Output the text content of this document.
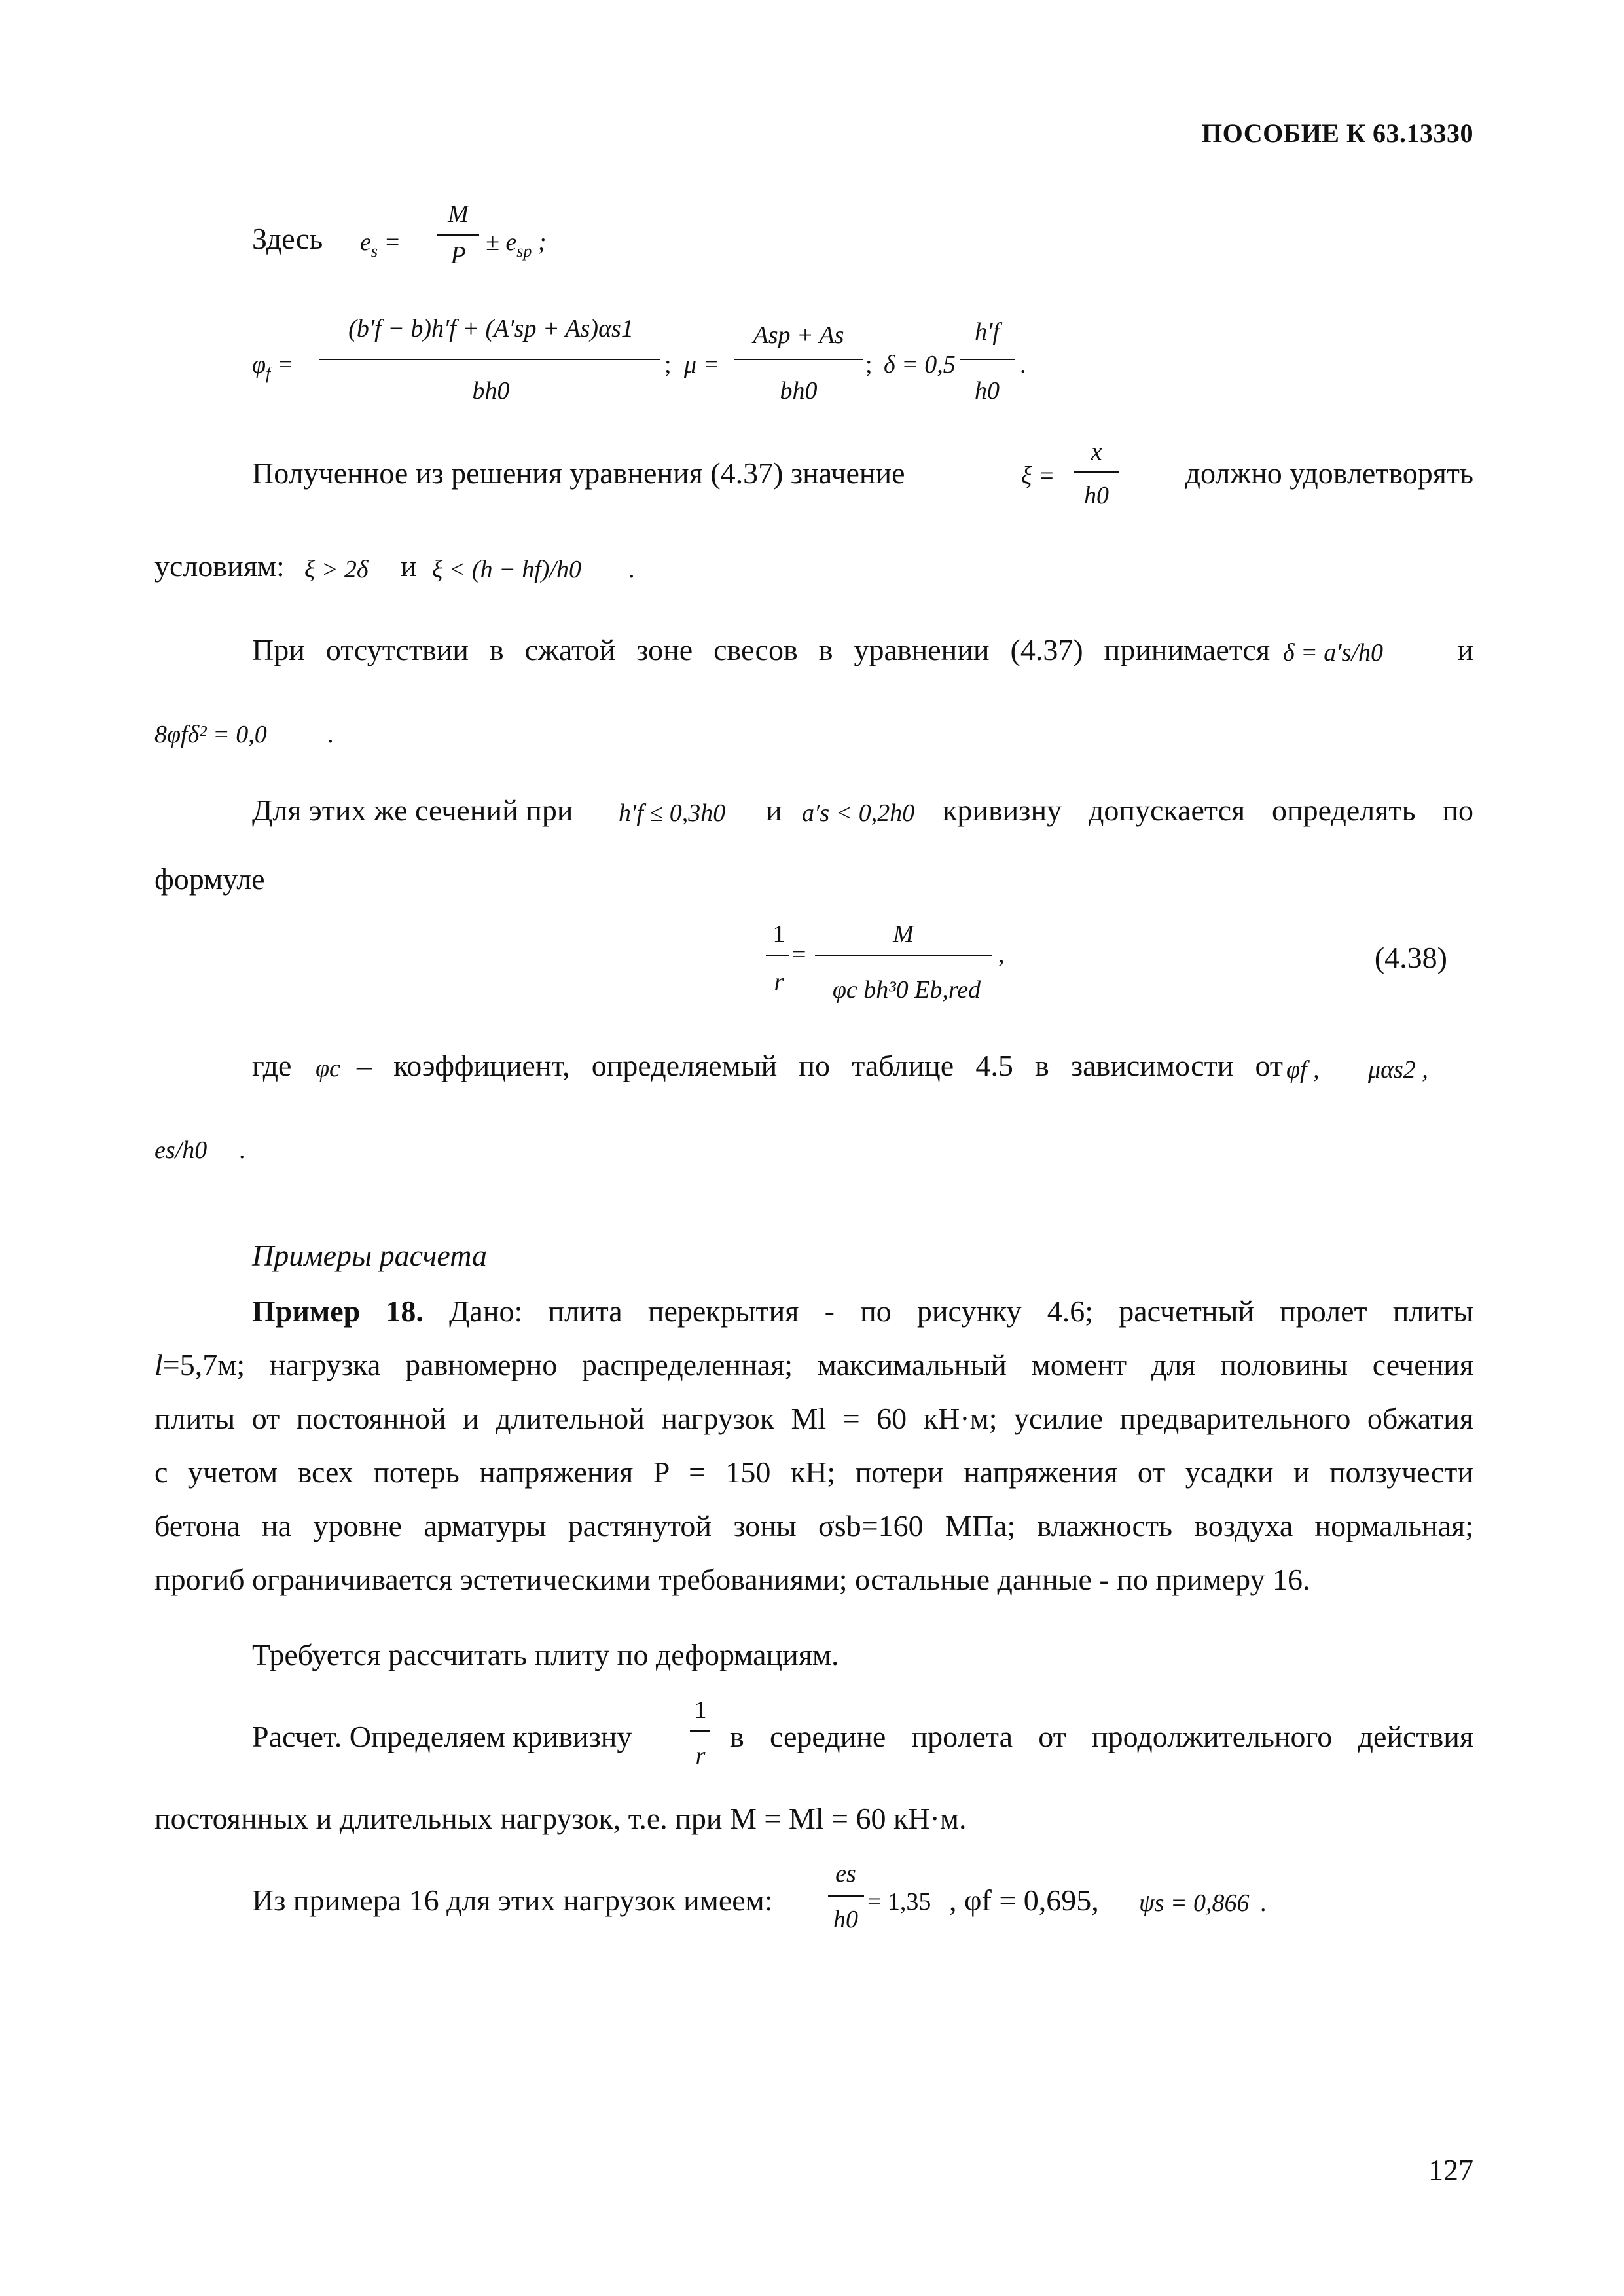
ПОСОБИЕ К 63.13330
Здесь $e_s$ =
M
$P \pm e_{sp}$ ;
$\varphi_f$ =
(b′f − b)h′f + (A′sp + As)αs1
bh0
; μ =
Asp + As
bh0
; δ = 0,5
h′f
h0
.
Полученное из решения уравнения (4.37) значение	ξ =
x
h0
должно удовлетворять
условиям: ξ > 2δ и ξ < (h − hf)/h0 .
При отсутствии в сжатой зоне свесов в уравнении (4.37) принимается δ = a′s/h0 и
8φfδ² = 0,0 .
Для этих же сечений при h′f ≤ 0,3h0 и a′s < 0,2h0 кривизну допускается определять по
формуле
1
r
=
M
φc bh³0 Eb,red
,	(4.38)
где φc – коэффициент, определяемый по таблице 4.5 в зависимости от φf , μαs2 ,
es/h0 .
Примеры расчета
Пример 18. Дано: плита перекрытия - по рисунку 4.6; расчетный пролет плиты
l=5,7м; нагрузка равномерно распределенная; максимальный момент для половины сечения
плиты от постоянной и длительной нагрузок Ml = 60 кН·м; усилие предварительного обжатия
с учетом всех потерь напряжения P = 150 кН; потери напряжения от усадки и ползучести
бетона на уровне арматуры растянутой зоны σsb=160 МПа; влажность воздуха нормальная;
прогиб ограничивается эстетическими требованиями; остальные данные - по примеру 16.
Требуется рассчитать плиту по деформациям.
Расчет. Определяем кривизну
1
r
в середине пролета от продолжительного действия
постоянных и длительных нагрузок, т.е. при M = Ml = 60 кН·м.
Из примера 16 для этих нагрузок имеем:
es
h0
= 1,35 , φf = 0,695, ψs = 0,866 .
127
